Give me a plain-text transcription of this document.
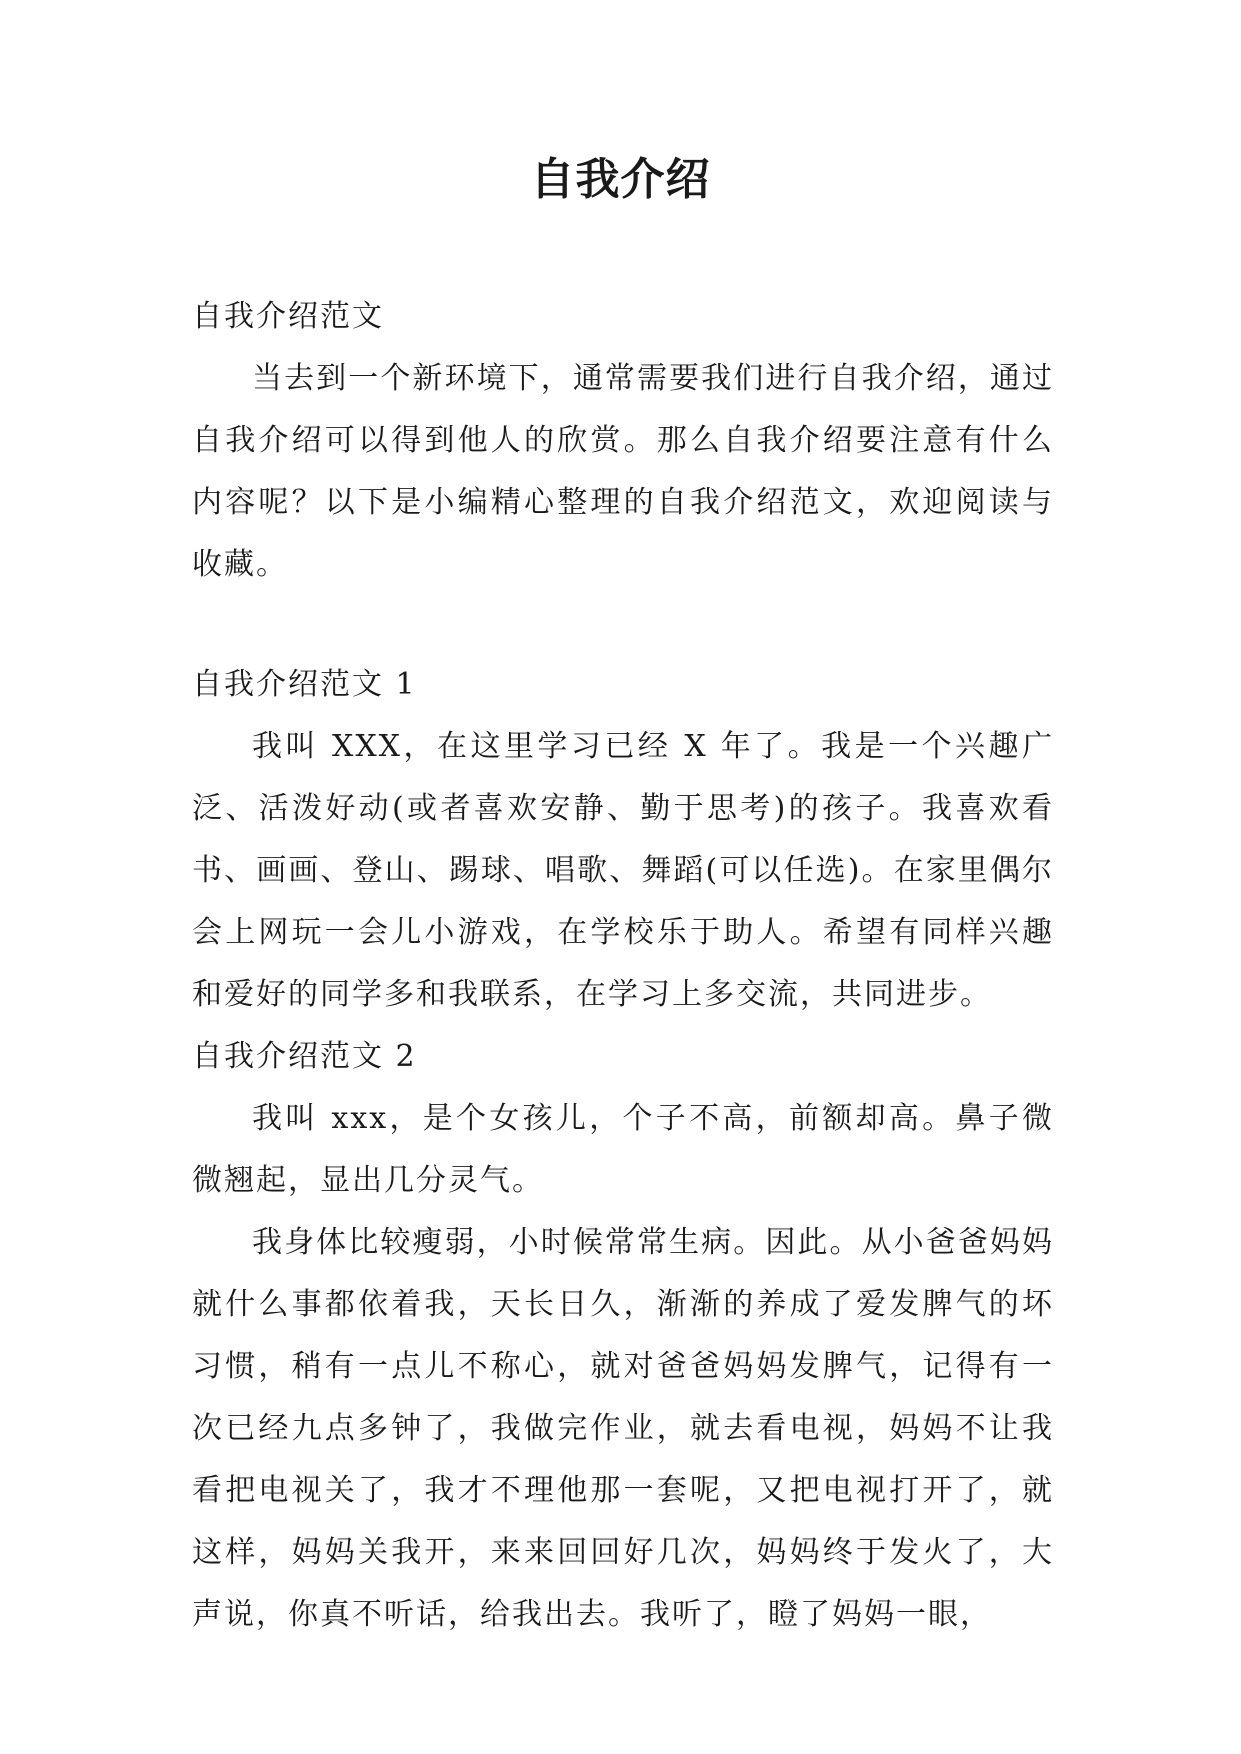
自我介绍

自我介绍范文

当去到一个新环境下，通常需要我们进行自我介绍，通过自我介绍可以得到他人的欣赏。那么自我介绍要注意有什么内容呢？以下是小编精心整理的自我介绍范文，欢迎阅读与收藏。

自我介绍范文 1

我叫 XXX，在这里学习已经 X 年了。我是一个兴趣广泛、活泼好动(或者喜欢安静、勤于思考)的孩子。我喜欢看书、画画、登山、踢球、唱歌、舞蹈(可以任选)。在家里偶尔会上网玩一会儿小游戏，在学校乐于助人。希望有同样兴趣和爱好的同学多和我联系，在学习上多交流，共同进步。

自我介绍范文 2

我叫 xxx，是个女孩儿，个子不高，前额却高。鼻子微微翘起，显出几分灵气。

我身体比较瘦弱，小时候常常生病。因此。从小爸爸妈妈就什么事都依着我，天长日久，渐渐的养成了爱发脾气的坏习惯，稍有一点儿不称心，就对爸爸妈妈发脾气，记得有一次已经九点多钟了，我做完作业，就去看电视，妈妈不让我看把电视关了，我才不理他那一套呢，又把电视打开了，就这样，妈妈关我开，来来回回好几次，妈妈终于发火了，大声说，你真不听话，给我出去。我听了，瞪了妈妈一眼，
